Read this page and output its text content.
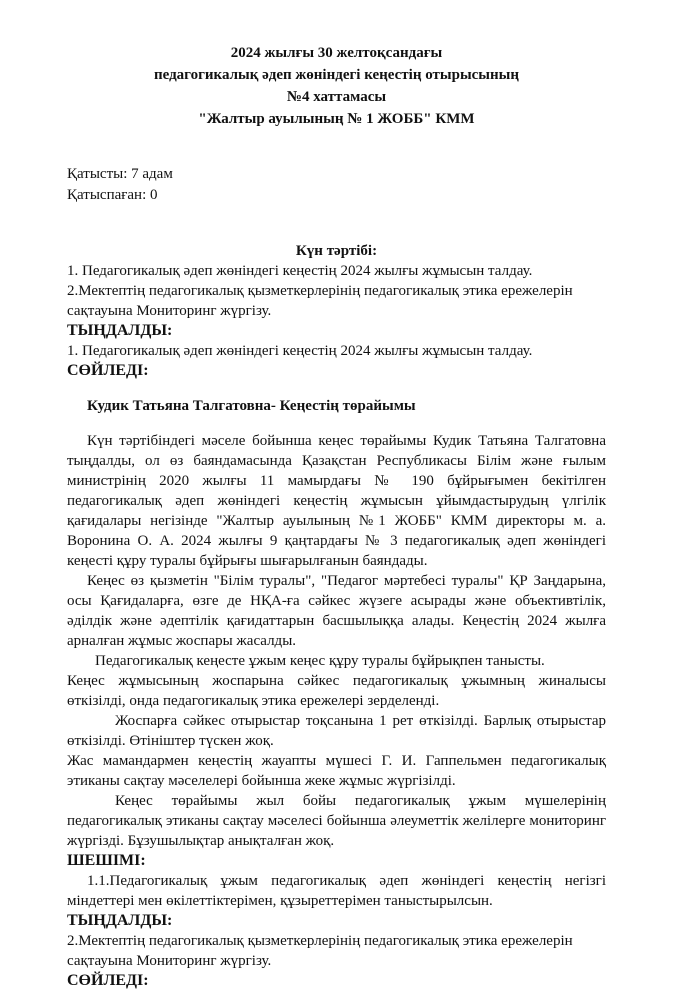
2024 жылғы 30 желтоқсандағы
педагогикалық әдеп жөніндегі кеңестің отырысының
№4 хаттамасы
"Жалтыр ауылының № 1 ЖОББ" КММ
Қатысты: 7 адам
Қатыспаған: 0
Күн тәртібі:

1. Педагогикалық әдеп жөніндегі кеңестің 2024 жылғы жұмысын талдау.

2.Мектептің педагогикалық қызметкерлерінің педагогикалық этика ережелерін сақтауына Мониторинг жүргізу.

ТЫҢДАЛДЫ:

1. Педагогикалық әдеп жөніндегі кеңестің 2024 жылғы жұмысын талдау.

СӨЙЛЕДІ:

Кудик Татьяна Талгатовна- Кеңестің төрайымы

Күн тәртібіндегі мәселе бойынша кеңес төрайымы Кудик Татьяна Талгатовна тыңдалды, ол өз баяндамасында Қазақстан Республикасы Білім және ғылым министрінің 2020 жылғы 11 мамырдағы № 190 бұйрығымен бекітілген педагогикалық әдеп жөніндегі кеңестің жұмысын ұйымдастырудың үлгілік қағидалары негізінде "Жалтыр ауылының №1 ЖОББ" КММ директоры м. а. Воронина О. А. 2024 жылғы 9 қаңтардағы № 3 педагогикалық әдеп жөніндегі кеңесті құру туралы бұйрығы шығарылғанын баяндады.

Кеңес өз қызметін "Білім туралы", "Педагог мәртебесі туралы" ҚР Заңдарына, осы Қағидаларға, өзге де НҚА-ға сәйкес жүзеге асырады және объективтілік, әділдік және әдептілік қағидаттарын басшылыққа алады. Кеңестің 2024 жылға арналған жұмыс жоспары жасалды.

Педагогикалық кеңесте ұжым кеңес құру туралы бұйрықпен танысты.

Кеңес жұмысының жоспарына сәйкес педагогикалық ұжымның жиналысы өткізілді, онда педагогикалық этика ережелері зерделенді.

Жоспарға сәйкес отырыстар тоқсанына 1 рет өткізілді. Барлық отырыстар өткізілді. Өтініштер түскен жоқ.

Жас мамандармен кеңестің жауапты мүшесі Г. И. Гаппельмен педагогикалық этиканы сақтау мәселелері бойынша жеке жұмыс жүргізілді.

Кеңес төрайымы жыл бойы педагогикалық ұжым мүшелерінің педагогикалық этиканы сақтау мәселесі бойынша әлеуметтік желілерге мониторинг жүргізді. Бұзушылықтар анықталған жоқ.

ШЕШІМІ:

1.1.Педагогикалық ұжым педагогикалық әдеп жөніндегі кеңестің негізгі міндеттері мен өкілеттіктерімен, құзыреттерімен таныстырылсын.

ТЫҢДАЛДЫ:

2.Мектептің педагогикалық қызметкерлерінің педагогикалық этика ережелерін сақтауына Мониторинг жүргізу.

СӨЙЛЕДІ:
